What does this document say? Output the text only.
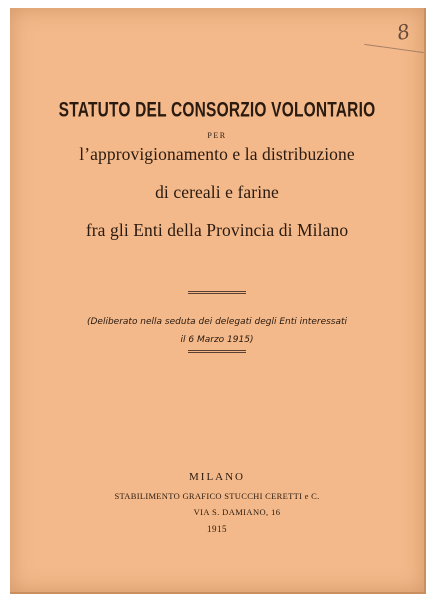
8

STATUTO DEL CONSORZIO VOLONTARIO

PER

l’approvigionamento e la distribuzione

di cereali e farine

fra gli Enti della Provincia di Milano

(Deliberato nella seduta dei delegati degli Enti interessati
il 6 Marzo 1915)
MILANO
STABILIMENTO GRAFICO STUCCHI CERETTI e C.
VIA S. DAMIANO, 16
1915
